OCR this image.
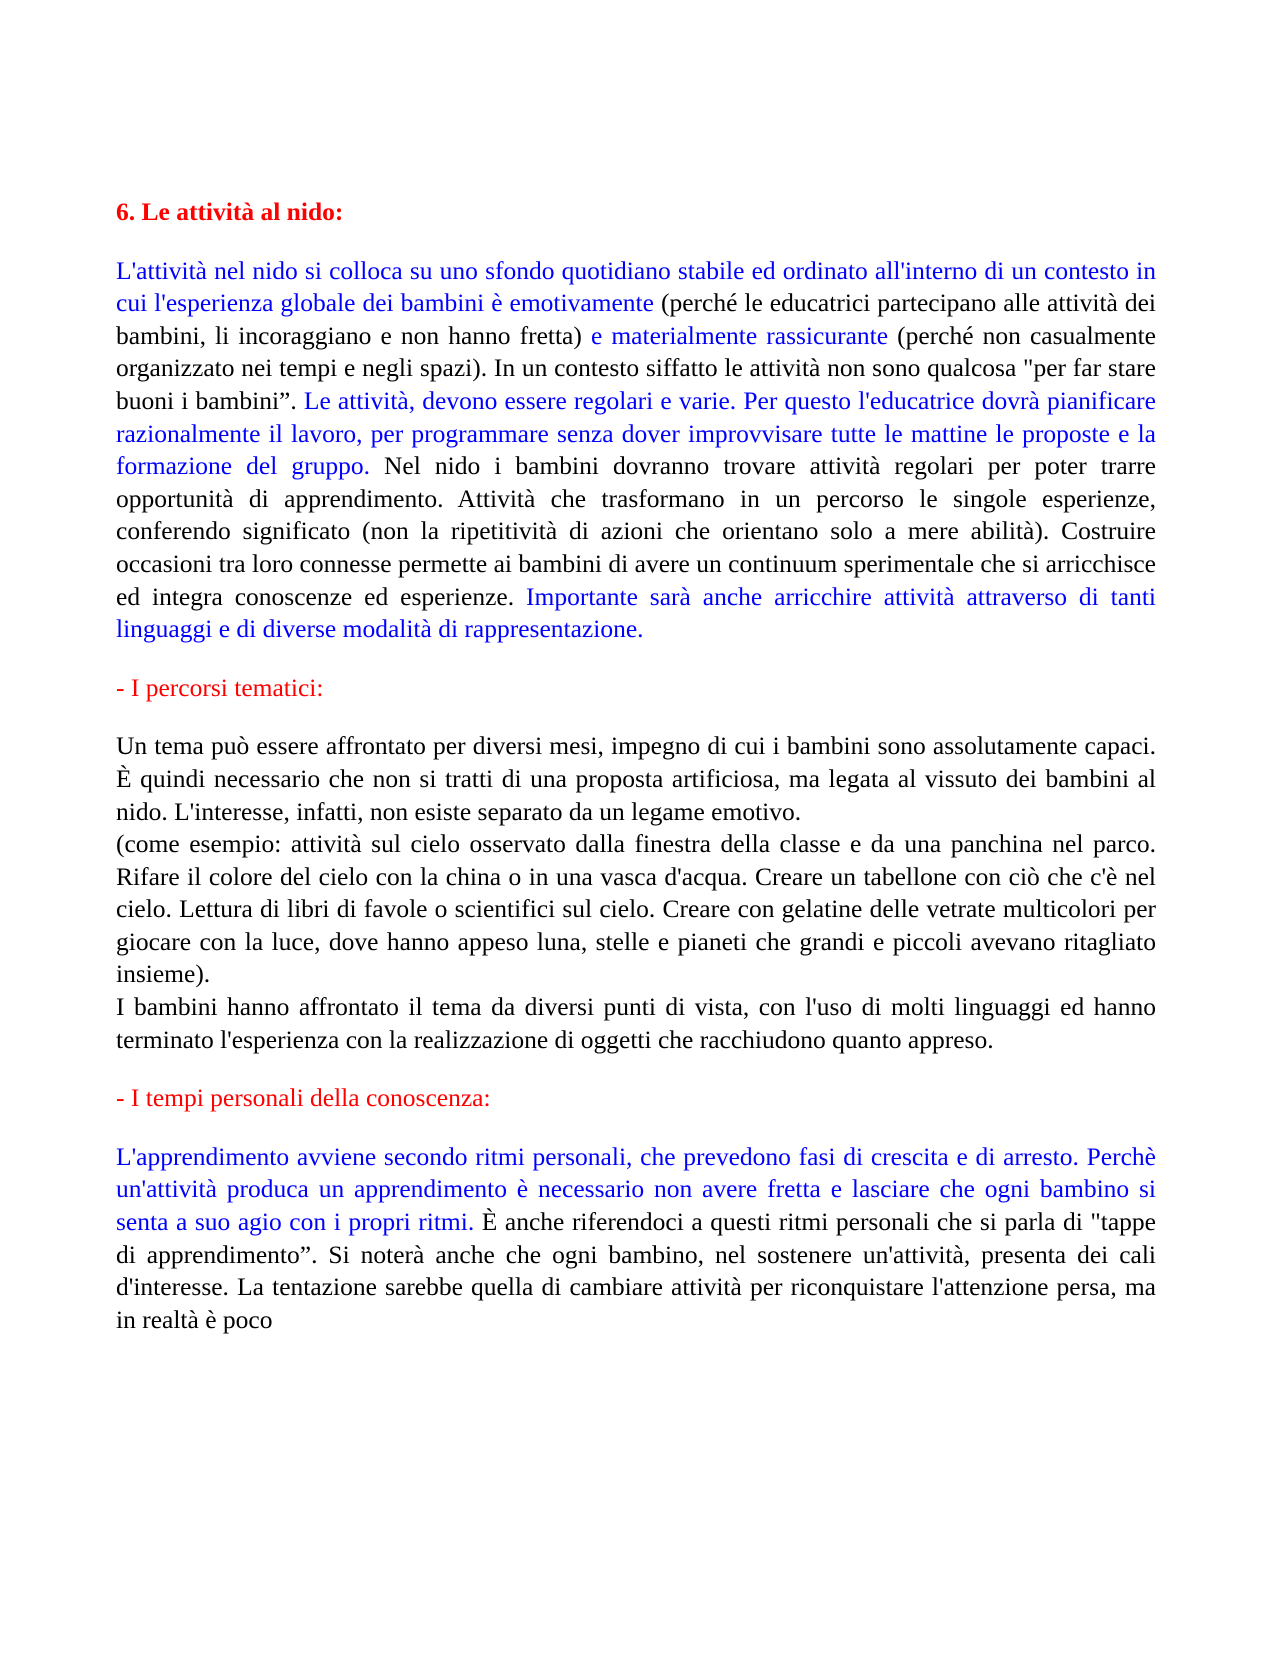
6. Le attività al nido:

L'attività nel nido si colloca su uno sfondo quotidiano stabile ed ordinato all'interno di un contesto in cui l'esperienza globale dei bambini è emotivamente (perché le educatrici partecipano alle attività dei bambini, li incoraggiano e non hanno fretta) e materialmente rassicurante (perché non casualmente organizzato nei tempi e negli spazi). In un contesto siffatto le attività non sono qualcosa "per far stare buoni i bambini”. Le attività, devono essere regolari e varie. Per questo l'educatrice dovrà pianificare razionalmente il lavoro, per programmare senza dover improvvisare tutte le mattine le proposte e la formazione del gruppo. Nel nido i bambini dovranno trovare attività regolari per poter trarre opportunità di apprendimento. Attività che trasformano in un percorso le singole esperienze, conferendo significato (non la ripetitività di azioni che orientano solo a mere abilità). Costruire occasioni tra loro connesse permette ai bambini di avere un continuum sperimentale che si arricchisce ed integra conoscenze ed esperienze. Importante sarà anche arricchire attività attraverso di tanti linguaggi e di diverse modalità di rappresentazione.

- I percorsi tematici:

Un tema può essere affrontato per diversi mesi, impegno di cui i bambini sono assolutamente capaci. È quindi necessario che non si tratti di una proposta artificiosa, ma legata al vissuto dei bambini al nido. L'interesse, infatti, non esiste separato da un legame emotivo.

(come esempio: attività sul cielo osservato dalla finestra della classe e da una panchina nel parco. Rifare il colore del cielo con la china o in una vasca d'acqua. Creare un tabellone con ciò che c'è nel cielo. Lettura di libri di favole o scientifici sul cielo. Creare con gelatine delle vetrate multicolori per giocare con la luce, dove hanno appeso luna, stelle e pianeti che grandi e piccoli avevano ritagliato insieme).

I bambini hanno affrontato il tema da diversi punti di vista, con l'uso di molti linguaggi ed hanno terminato l'esperienza con la realizzazione di oggetti che racchiudono quanto appreso.

- I tempi personali della conoscenza:

L'apprendimento avviene secondo ritmi personali, che prevedono fasi di crescita e di arresto. Perchè un'attività produca un apprendimento è necessario non avere fretta e lasciare che ogni bambino si senta a suo agio con i propri ritmi. È anche riferendoci a questi ritmi personali che si parla di "tappe di apprendimento”. Si noterà anche che ogni bambino, nel sostenere un'attività, presenta dei cali d'interesse. La tentazione sarebbe quella di cambiare attività per riconquistare l'attenzione persa, ma in realtà è poco
